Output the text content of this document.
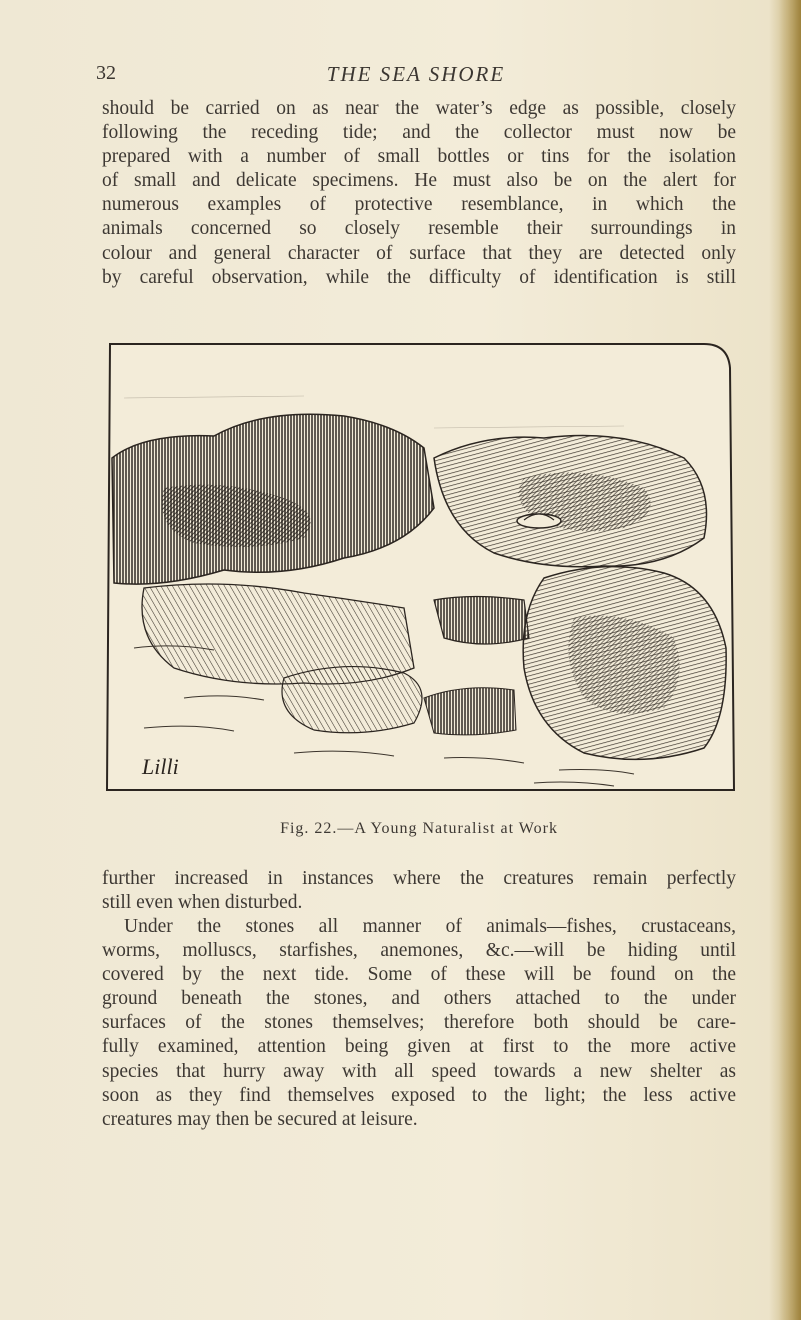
32	THE SEA SHORE
should be carried on as near the water’s edge as possible, closely
following the receding tide; and the collector must now be
prepared with a number of small bottles or tins for the isolation
of small and delicate specimens. He must also be on the alert for
numerous examples of protective resemblance, in which the
animals concerned so closely resemble their surroundings in
colour and general character of surface that they are detected only
by careful observation, while the difficulty of identification is still
Lilli
Fig. 22.—A Young Naturalist at Work
further increased in instances where the creatures remain perfectly
still even when disturbed.
Under the stones all manner of animals—fishes, crustaceans,
worms, molluscs, starfishes, anemones, &c.—will be hiding until
covered by the next tide. Some of these will be found on the
ground beneath the stones, and others attached to the under
surfaces of the stones themselves; therefore both should be care-
fully examined, attention being given at first to the more active
species that hurry away with all speed towards a new shelter as
soon as they find themselves exposed to the light; the less active
creatures may then be secured at leisure.
